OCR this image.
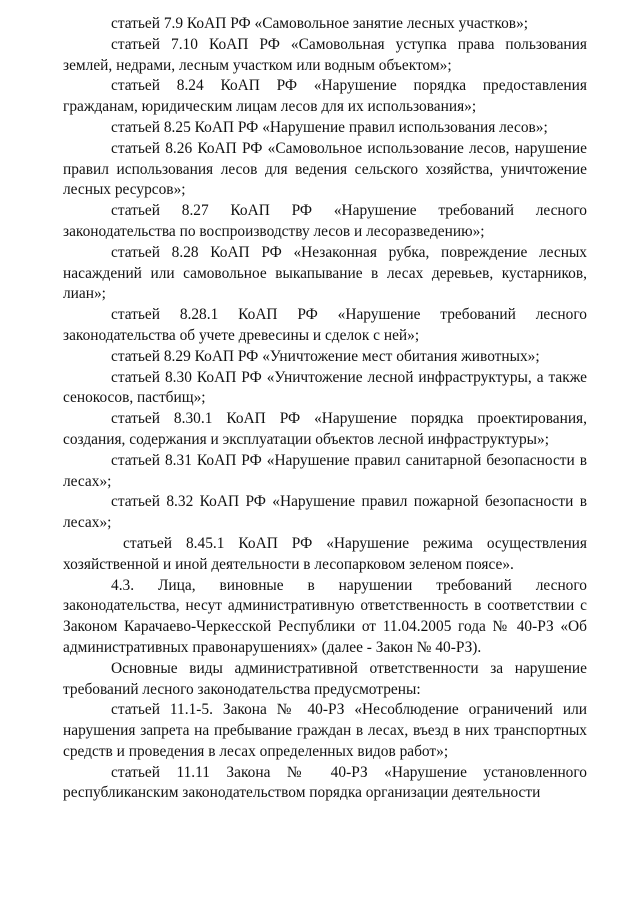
статьей 7.9 КоАП РФ «Самовольное занятие лесных участков»;

статьей 7.10 КоАП РФ «Самовольная уступка права пользования землей, недрами, лесным участком или водным объектом»;

статьей 8.24 КоАП РФ «Нарушение порядка предоставления гражданам, юридическим лицам лесов для их использования»;

статьей 8.25 КоАП РФ «Нарушение правил использования лесов»;

статьей 8.26 КоАП РФ «Самовольное использование лесов, нарушение правил использования лесов для ведения сельского хозяйства, уничтожение лесных ресурсов»;

статьей 8.27 КоАП РФ «Нарушение требований лесного законодательства по воспроизводству лесов и лесоразведению»;

статьей 8.28 КоАП РФ «Незаконная рубка, повреждение лесных насаждений или самовольное выкапывание в лесах деревьев, кустарников, лиан»;

статьей 8.28.1 КоАП РФ «Нарушение требований лесного законодательства об учете древесины и сделок с ней»;

статьей 8.29 КоАП РФ «Уничтожение мест обитания животных»;

статьей 8.30 КоАП РФ «Уничтожение лесной инфраструктуры, а также сенокосов, пастбищ»;

статьей 8.30.1 КоАП РФ «Нарушение порядка проектирования, создания, содержания и эксплуатации объектов лесной инфраструктуры»;

статьей 8.31 КоАП РФ «Нарушение правил санитарной безопасности в лесах»;

статьей 8.32 КоАП РФ «Нарушение правил пожарной безопасности в лесах»;

статьей 8.45.1 КоАП РФ «Нарушение режима осуществления хозяйственной и иной деятельности в лесопарковом зеленом поясе».

4.3. Лица, виновные в нарушении требований лесного законодательства, несут административную ответственность в соответствии с Законом Карачаево-Черкесской Республики от 11.04.2005 года № 40-РЗ «Об административных правонарушениях» (далее - Закон № 40-РЗ).

Основные виды административной ответственности за нарушение требований лесного законодательства предусмотрены:

статьей 11.1-5. Закона № 40-РЗ «Несоблюдение ограничений или нарушения запрета на пребывание граждан в лесах, въезд в них транспортных средств и проведения в лесах определенных видов работ»;

статьей 11.11 Закона № 40-РЗ «Нарушение установленного республиканским законодательством порядка организации деятельности
